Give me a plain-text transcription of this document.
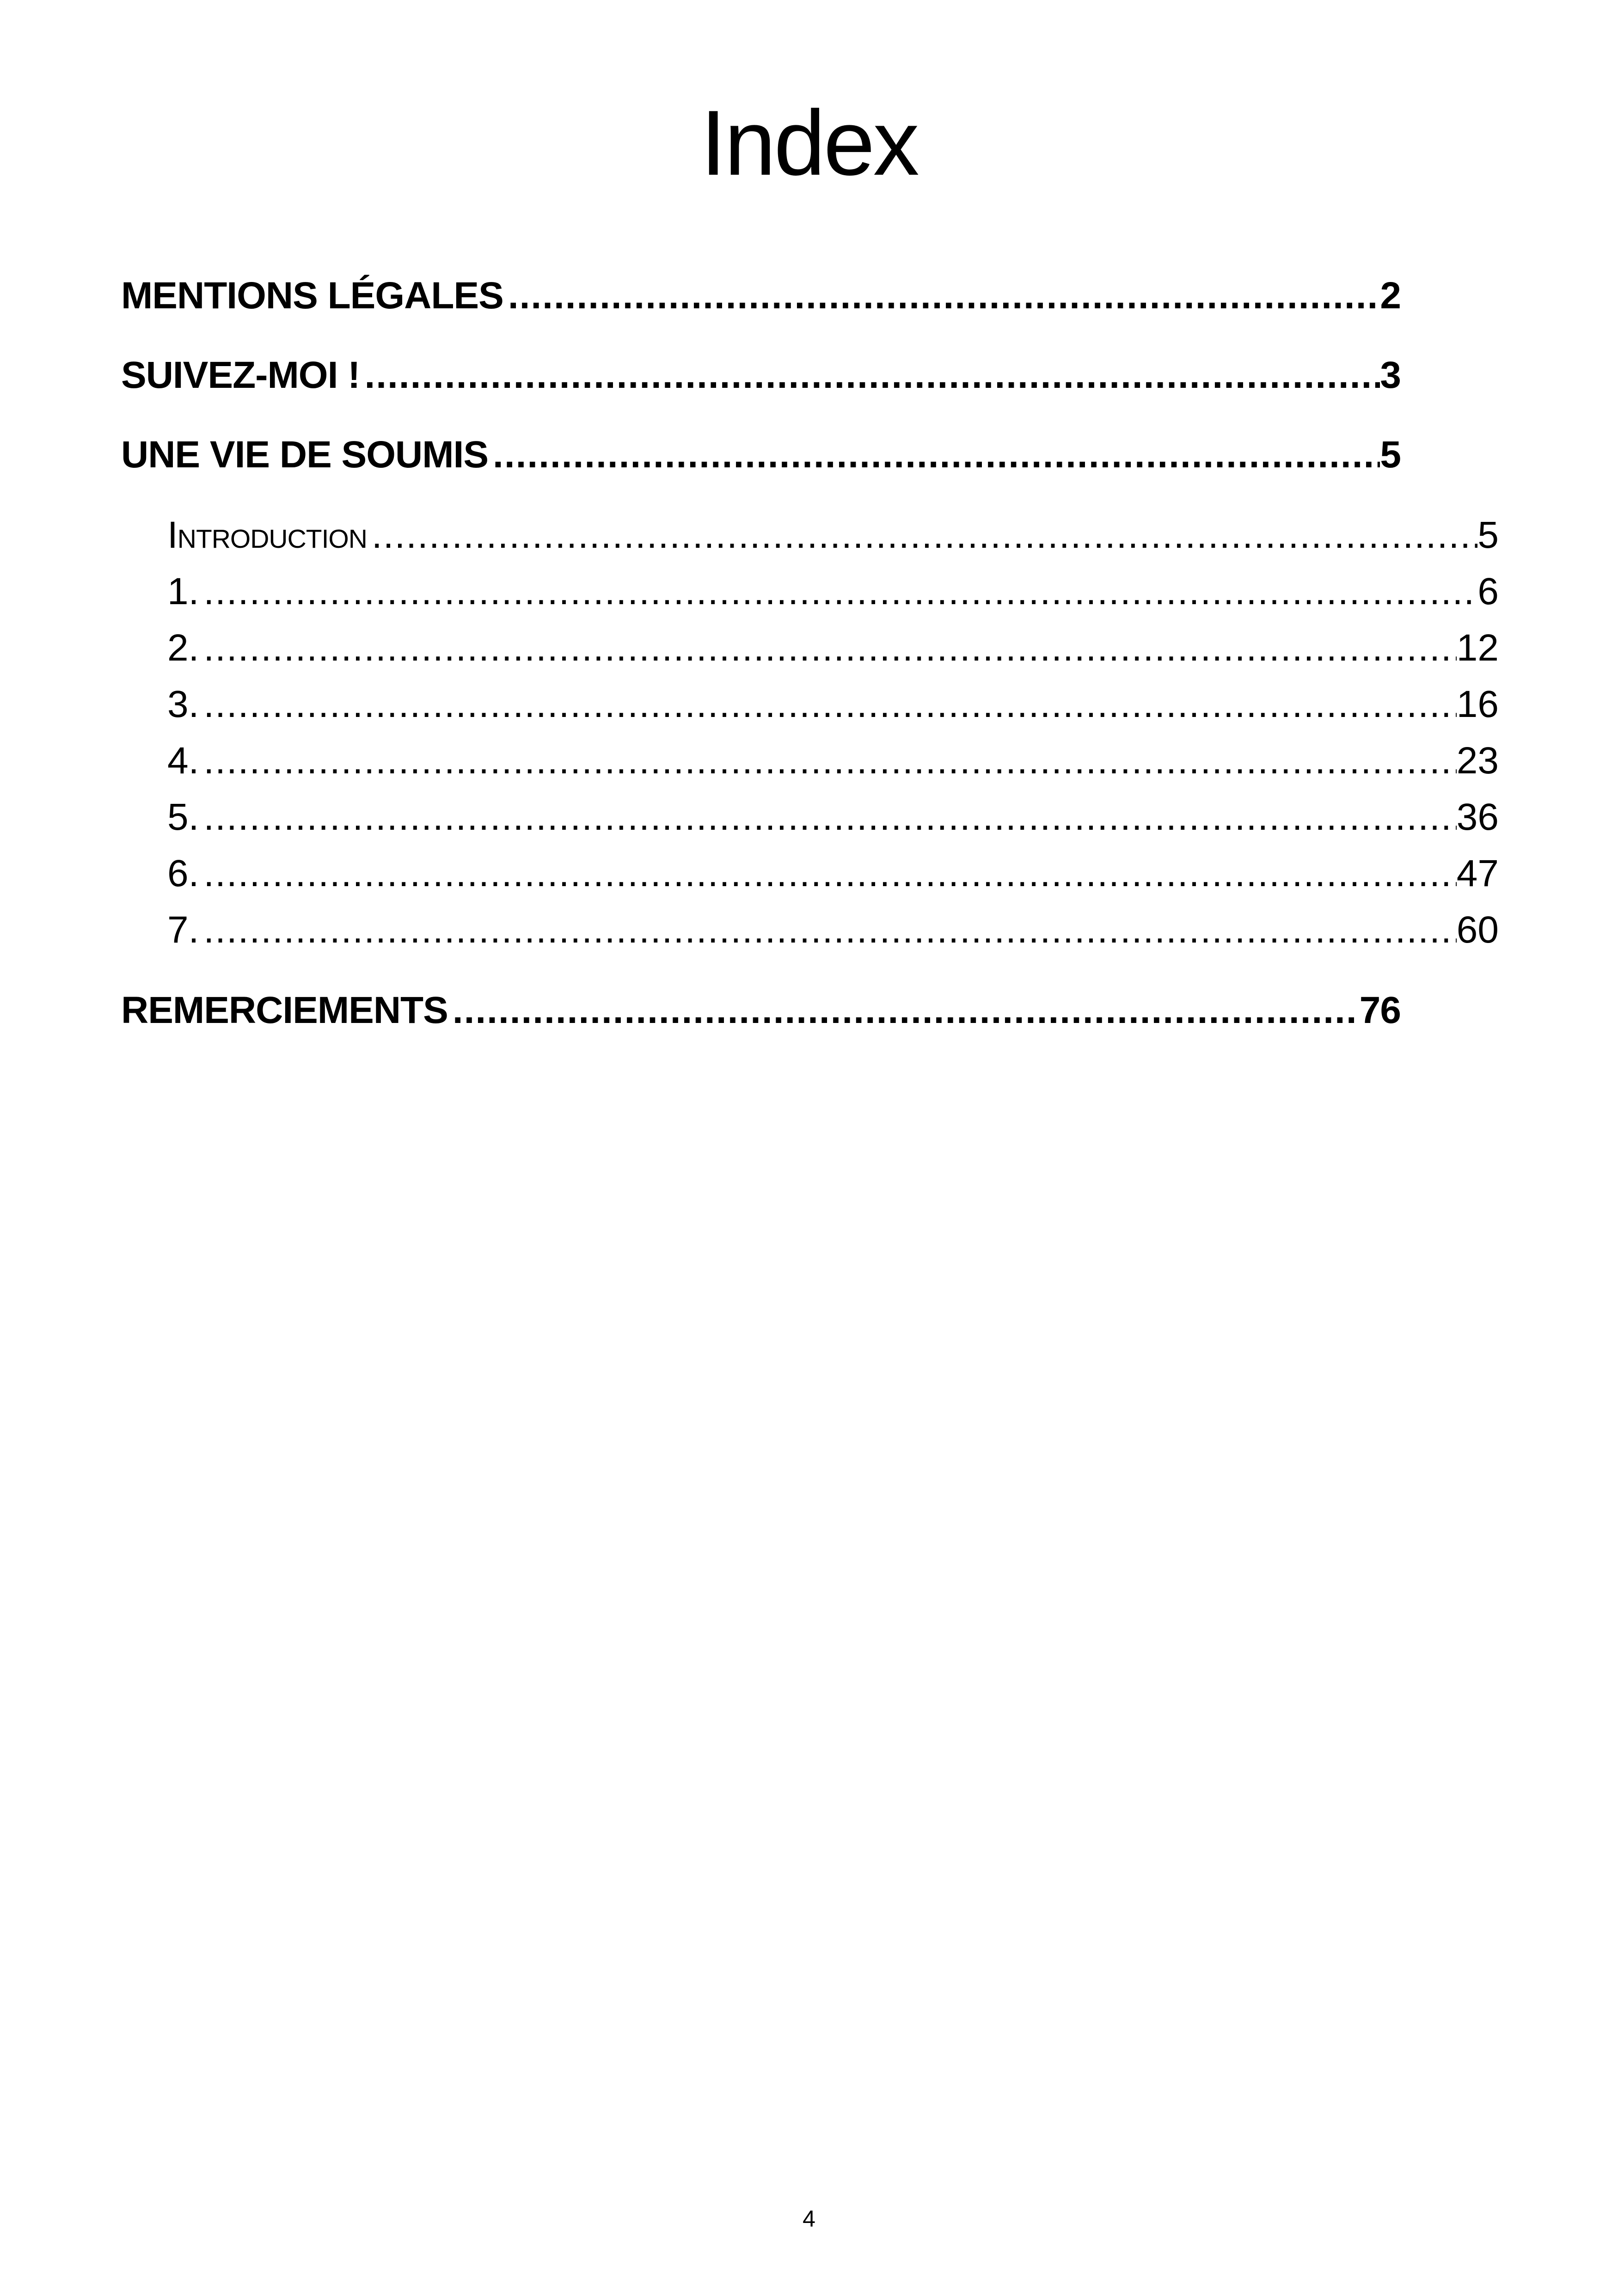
Index
MENTIONS LÉGALES .....	2
SUIVEZ-MOI ! .....	3
UNE VIE DE SOUMIS .....	5
Introduction .....	5
1. .....	6
2. .....	12
3. .....	16
4. .....	23
5. .....	36
6. .....	47
7. .....	60
REMERCIEMENTS .....	76
4
